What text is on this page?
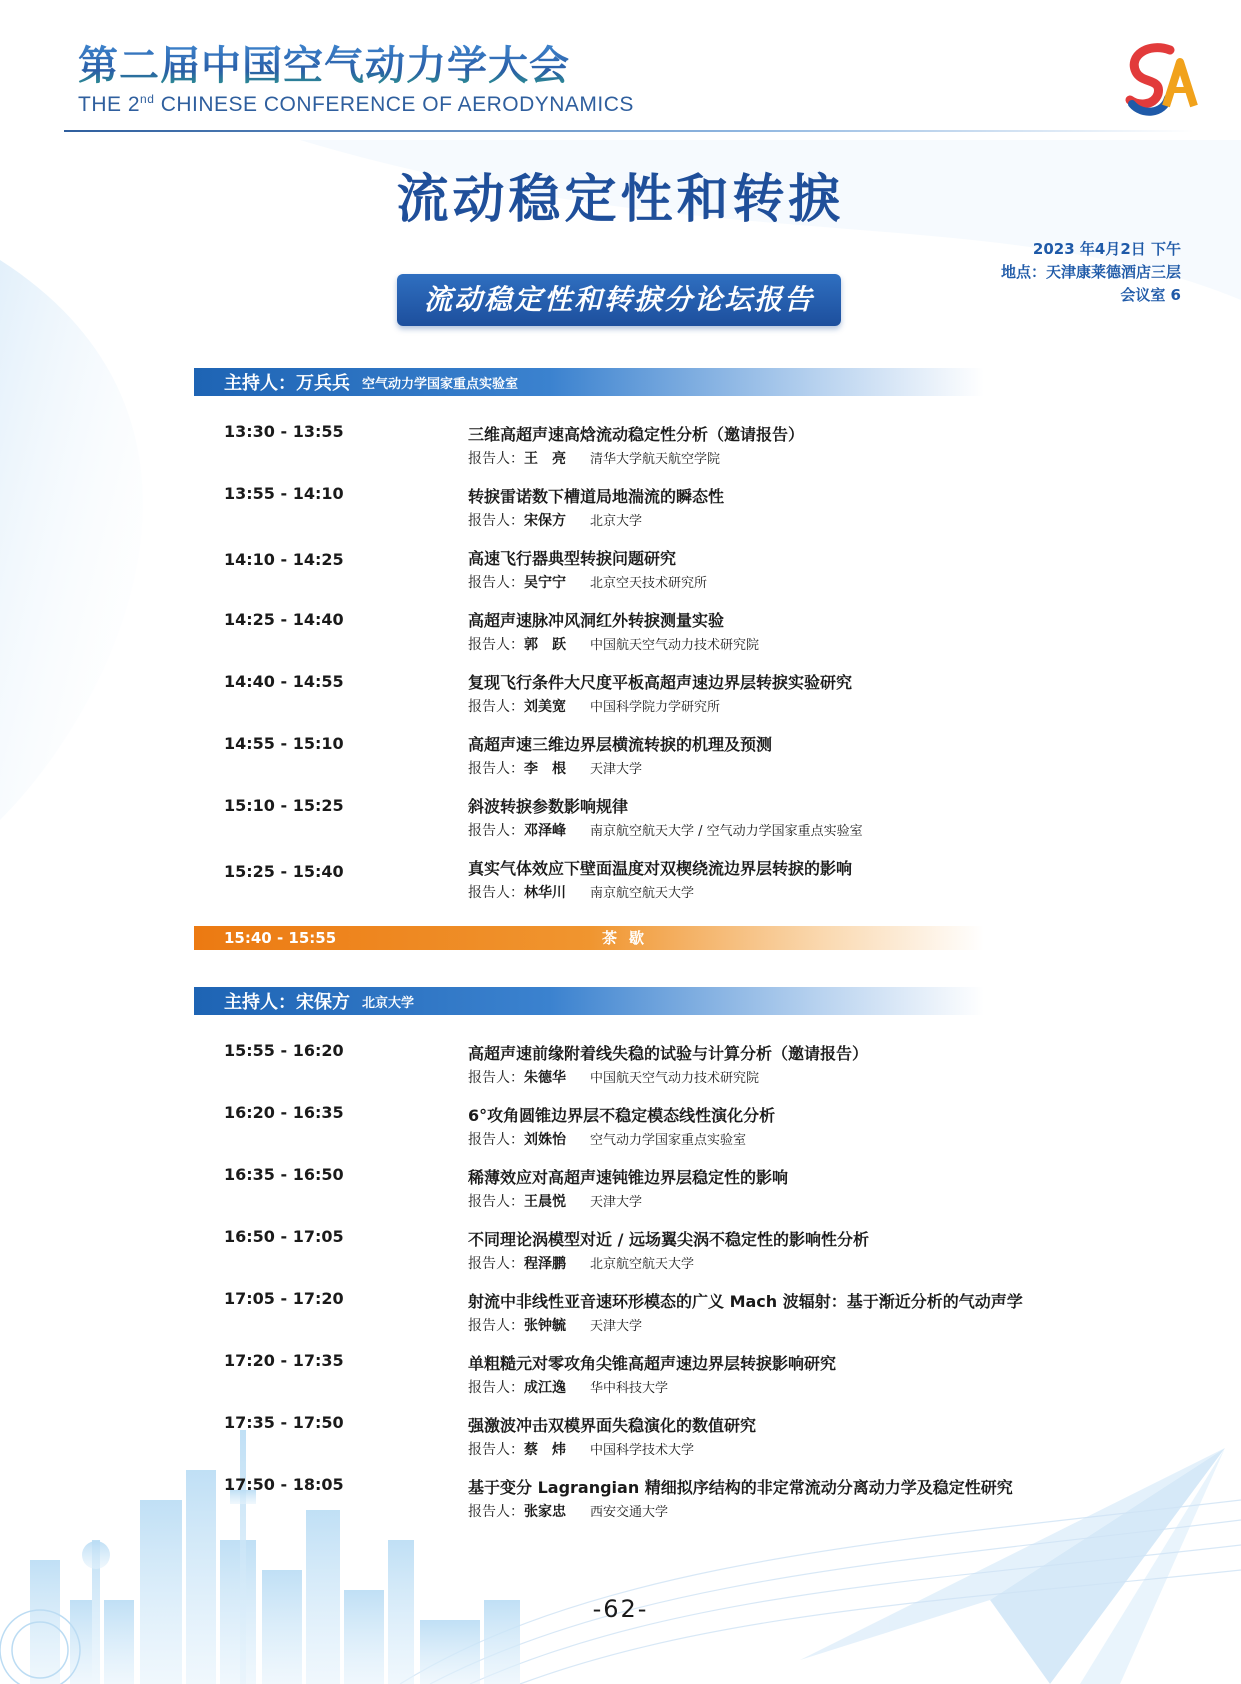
第二届中国空气动力学大会
THE 2nd CHINESE CONFERENCE OF AERODYNAMICS
流动稳定性和转捩
2023 年4月2日 下午
地点：天津康莱德酒店三层
会议室 6
流动稳定性和转捩分论坛报告
主持人：万兵兵 空气动力学国家重点实验室
13:30 - 13:55	三维高超声速高焓流动稳定性分析（邀请报告）
报告人：王　亮 清华大学航天航空学院
13:55 - 14:10	转捩雷诺数下槽道局地湍流的瞬态性
报告人：宋保方 北京大学
14:10 - 14:25	高速飞行器典型转捩问题研究
报告人：吴宁宁 北京空天技术研究所
14:25 - 14:40	高超声速脉冲风洞红外转捩测量实验
报告人：郭　跃 中国航天空气动力技术研究院
14:40 - 14:55	复现飞行条件大尺度平板高超声速边界层转捩实验研究
报告人：刘美宽 中国科学院力学研究所
14:55 - 15:10	高超声速三维边界层横流转捩的机理及预测
报告人：李　根 天津大学
15:10 - 15:25	斜波转捩参数影响规律
报告人：邓泽峰 南京航空航天大学 / 空气动力学国家重点实验室
15:25 - 15:40	真实气体效应下壁面温度对双楔绕流边界层转捩的影响
报告人：林华川 南京航空航天大学
15:40 - 15:55	茶歇
主持人：宋保方 北京大学
15:55 - 16:20	高超声速前缘附着线失稳的试验与计算分析（邀请报告）
报告人：朱德华 中国航天空气动力技术研究院
16:20 - 16:35	6°攻角圆锥边界层不稳定模态线性演化分析
报告人：刘姝怡 空气动力学国家重点实验室
16:35 - 16:50	稀薄效应对高超声速钝锥边界层稳定性的影响
报告人：王晨悦 天津大学
16:50 - 17:05	不同理论涡模型对近 / 远场翼尖涡不稳定性的影响性分析
报告人：程泽鹏 北京航空航天大学
17:05 - 17:20	射流中非线性亚音速环形模态的广义 Mach 波辐射：基于渐近分析的气动声学
报告人：张钟毓 天津大学
17:20 - 17:35	单粗糙元对零攻角尖锥高超声速边界层转捩影响研究
报告人：成江逸 华中科技大学
17:35 - 17:50	强激波冲击双模界面失稳演化的数值研究
报告人：蔡　炜 中国科学技术大学
17:50 - 18:05	基于变分 Lagrangian 精细拟序结构的非定常流动分离动力学及稳定性研究
报告人：张家忠 西安交通大学
-62-
